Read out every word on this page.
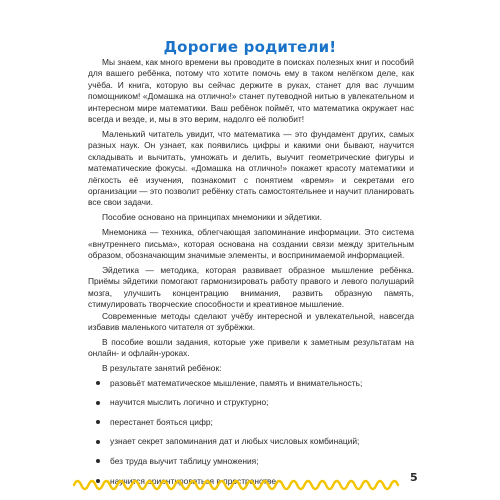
Дорогие родители!

Мы знаем, как много времени вы проводите в поисках полезных книг и пособий для вашего ребёнка, потому что хотите помочь ему в таком нелёгком деле, как учёба. И книга, которую вы сейчас держите в руках, станет для вас лучшим помощником! «Домашка на отлично!» станет путеводной нитью в увлекательном и интересном мире математики. Ваш ребёнок поймёт, что математика окружает нас всегда и везде, и, мы в это верим, надолго её полюбит!

Маленький читатель увидит, что математика — это фундамент других, самых разных наук. Он узнает, как появились цифры и какими они бывают, научится складывать и вычитать, умножать и делить, выучит геометрические фигуры и математические фокусы. «Домашка на отлично!» покажет красоту математики и лёгкость её изучения, познакомит с понятием «время» и секретами его организации — это позволит ребёнку стать самостоятельнее и научит планировать все свои задачи.

Пособие основано на принципах мнемоники и эйдетики.

Мнемоника — техника, облегчающая запоминание информации. Это система «внутреннего письма», которая основана на создании связи между зрительным образом, обозначающим значимые элементы, и воспринимаемой информацией.

Эйдетика — методика, которая развивает образное мышление ребёнка. Приёмы эйдетики помогают гармонизировать работу правого и левого полушарий мозга, улучшить концентрацию внимания, развить образную память, стимулировать творческие способности и креативное мышление.

Современные методы сделают учёбу интересной и увлекательной, навсегда избавив маленького читателя от зубрёжки.

В пособие вошли задания, которые уже привели к заметным результатам на онлайн- и офлайн-уроках.

В результате занятий ребёнок:

разовьёт математическое мышление, память и внимательность;
научится мыслить логично и структурно;
перестанет бояться цифр;
узнает секрет запоминания дат и любых числовых комбинаций;
без труда выучит таблицу умножения;
научится ориентироваться в пространстве.	5
